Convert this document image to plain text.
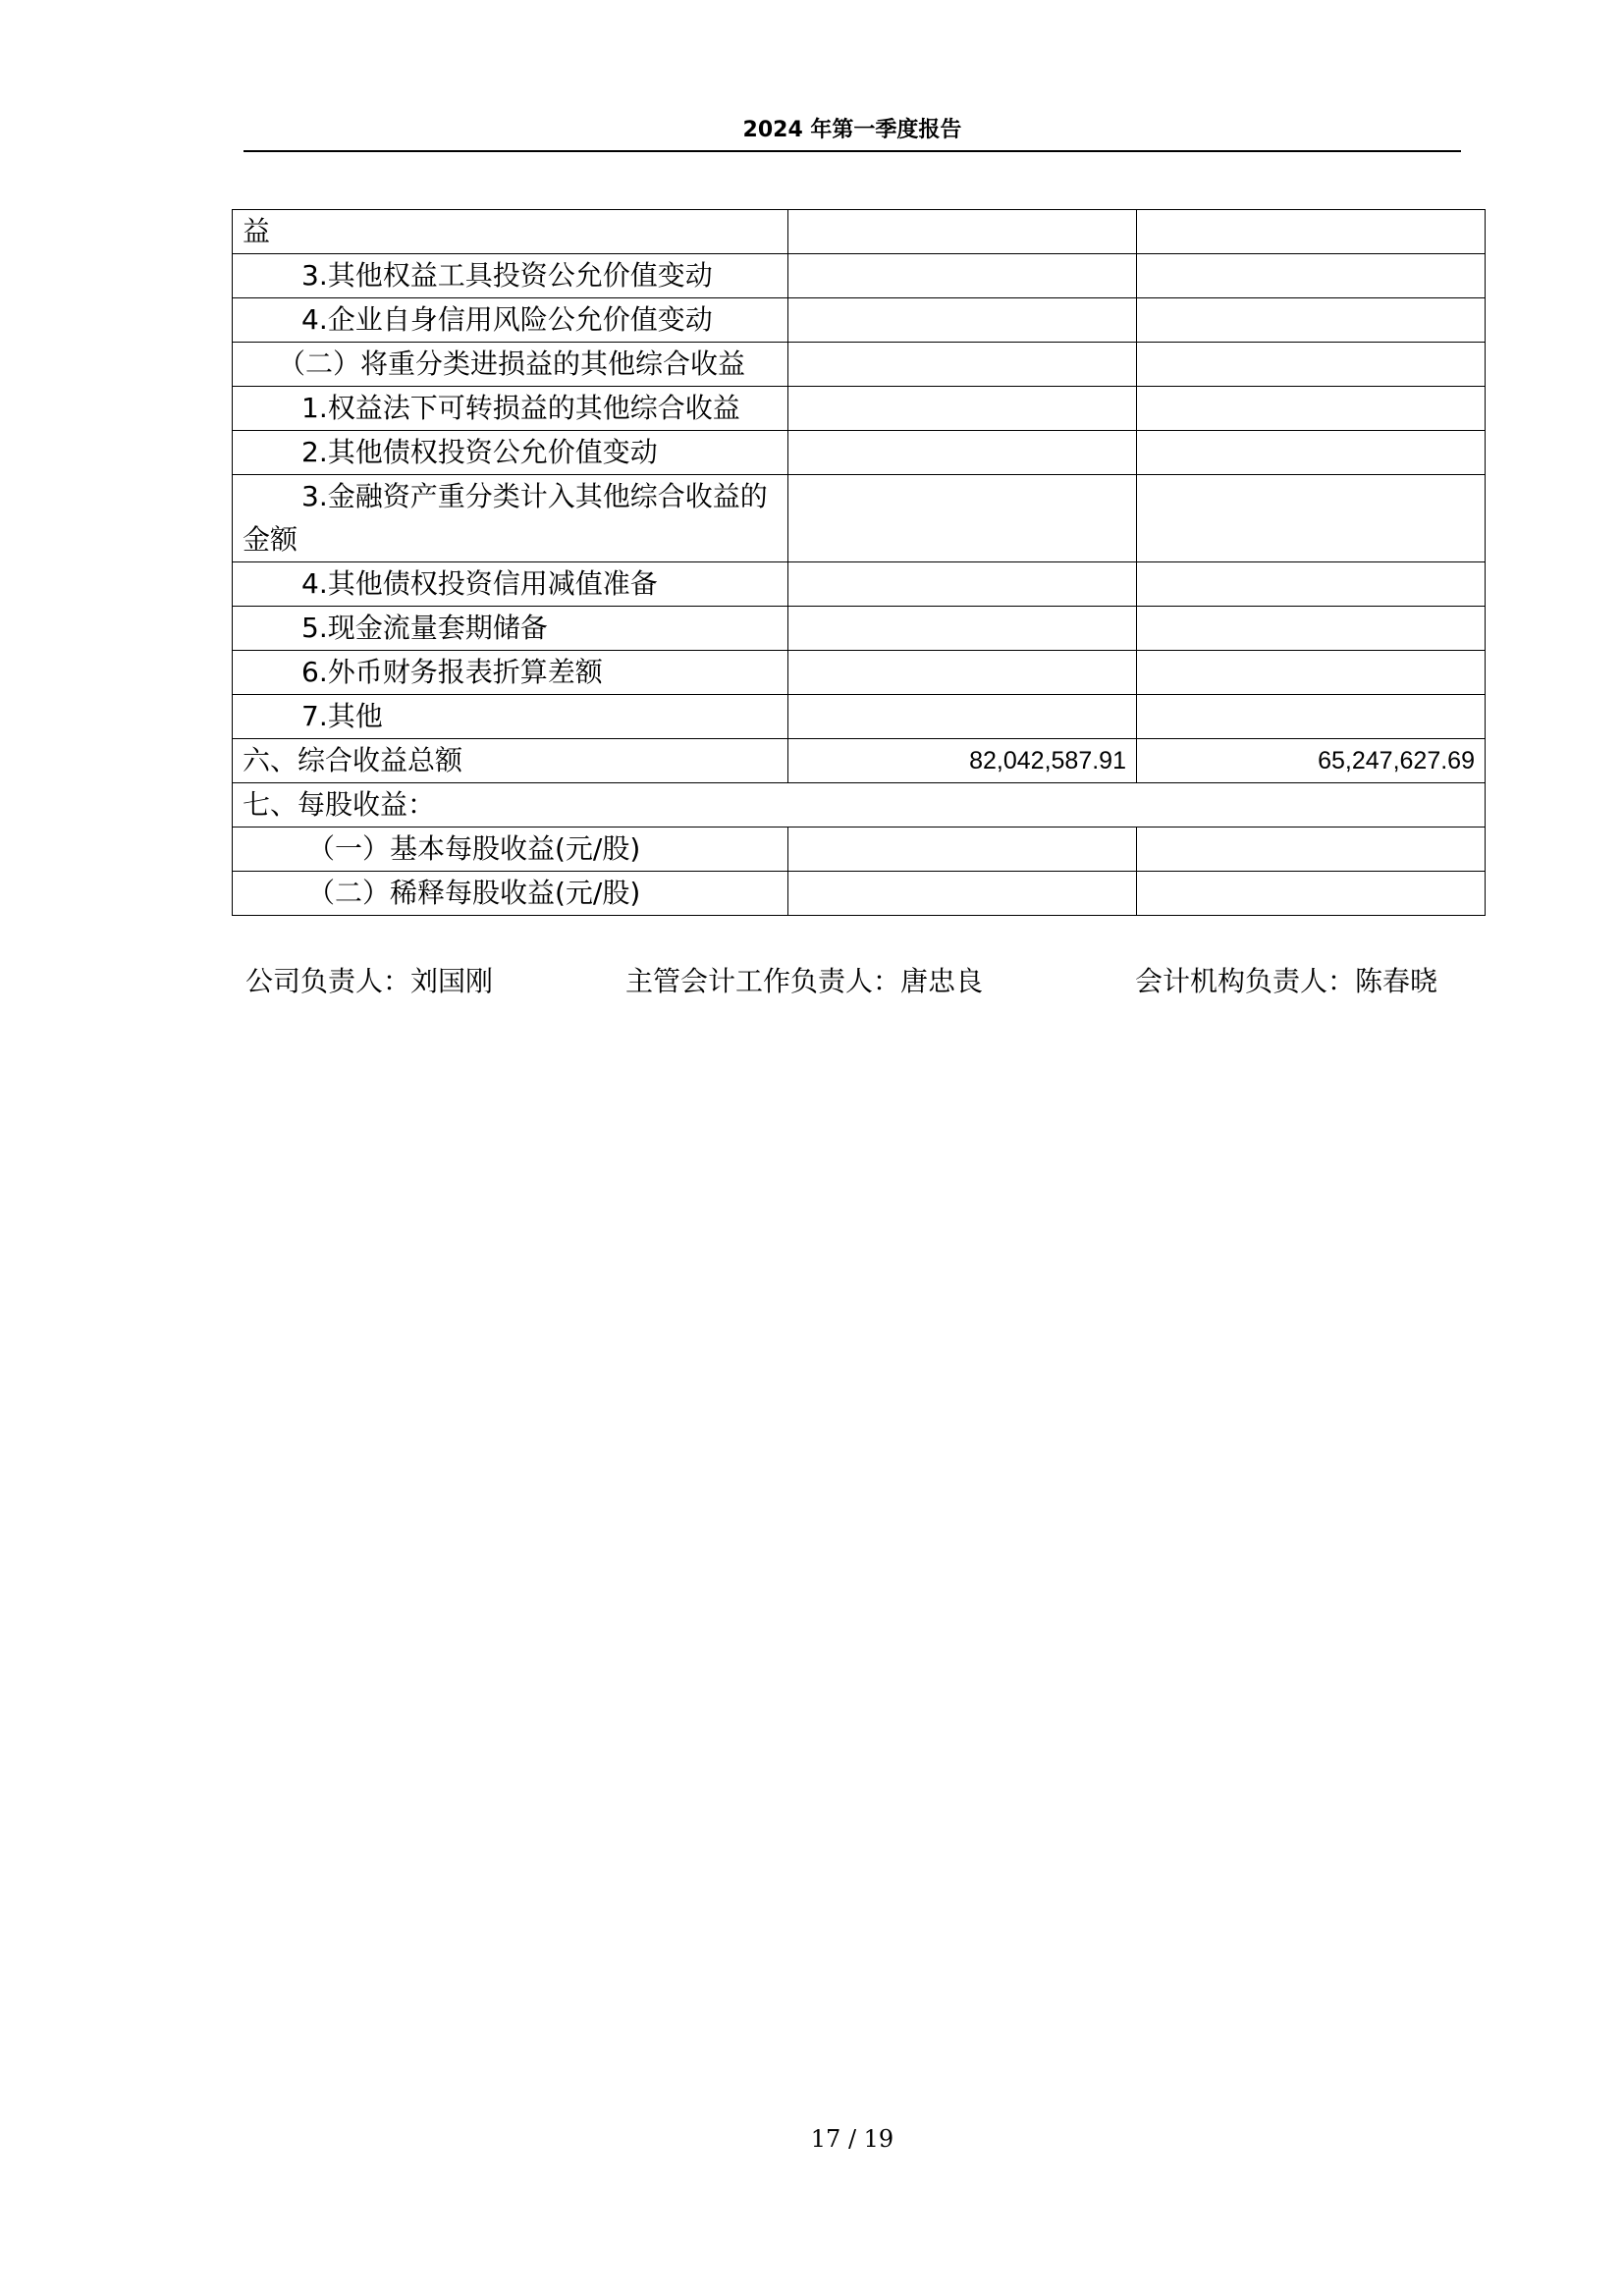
2024 年第一季度报告
益		
3.其他权益工具投资公允价值变动		
4.企业自身信用风险公允价值变动		
（二）将重分类进损益的其他综合收益		
1.权益法下可转损益的其他综合收益		
2.其他债权投资公允价值变动		

3.金融资产重分类计入其他综合收益的金额		

4.其他债权投资信用减值准备		
5.现金流量套期储备		
6.外币财务报表折算差额		
7.其他		
六、综合收益总额	82,042,587.91	65,247,627.69
七、每股收益：		
（一）基本每股收益(元/股)		
（二）稀释每股收益(元/股)		
公司负责人：刘国刚	主管会计工作负责人：唐忠良	会计机构负责人：陈春晓
17 / 19
